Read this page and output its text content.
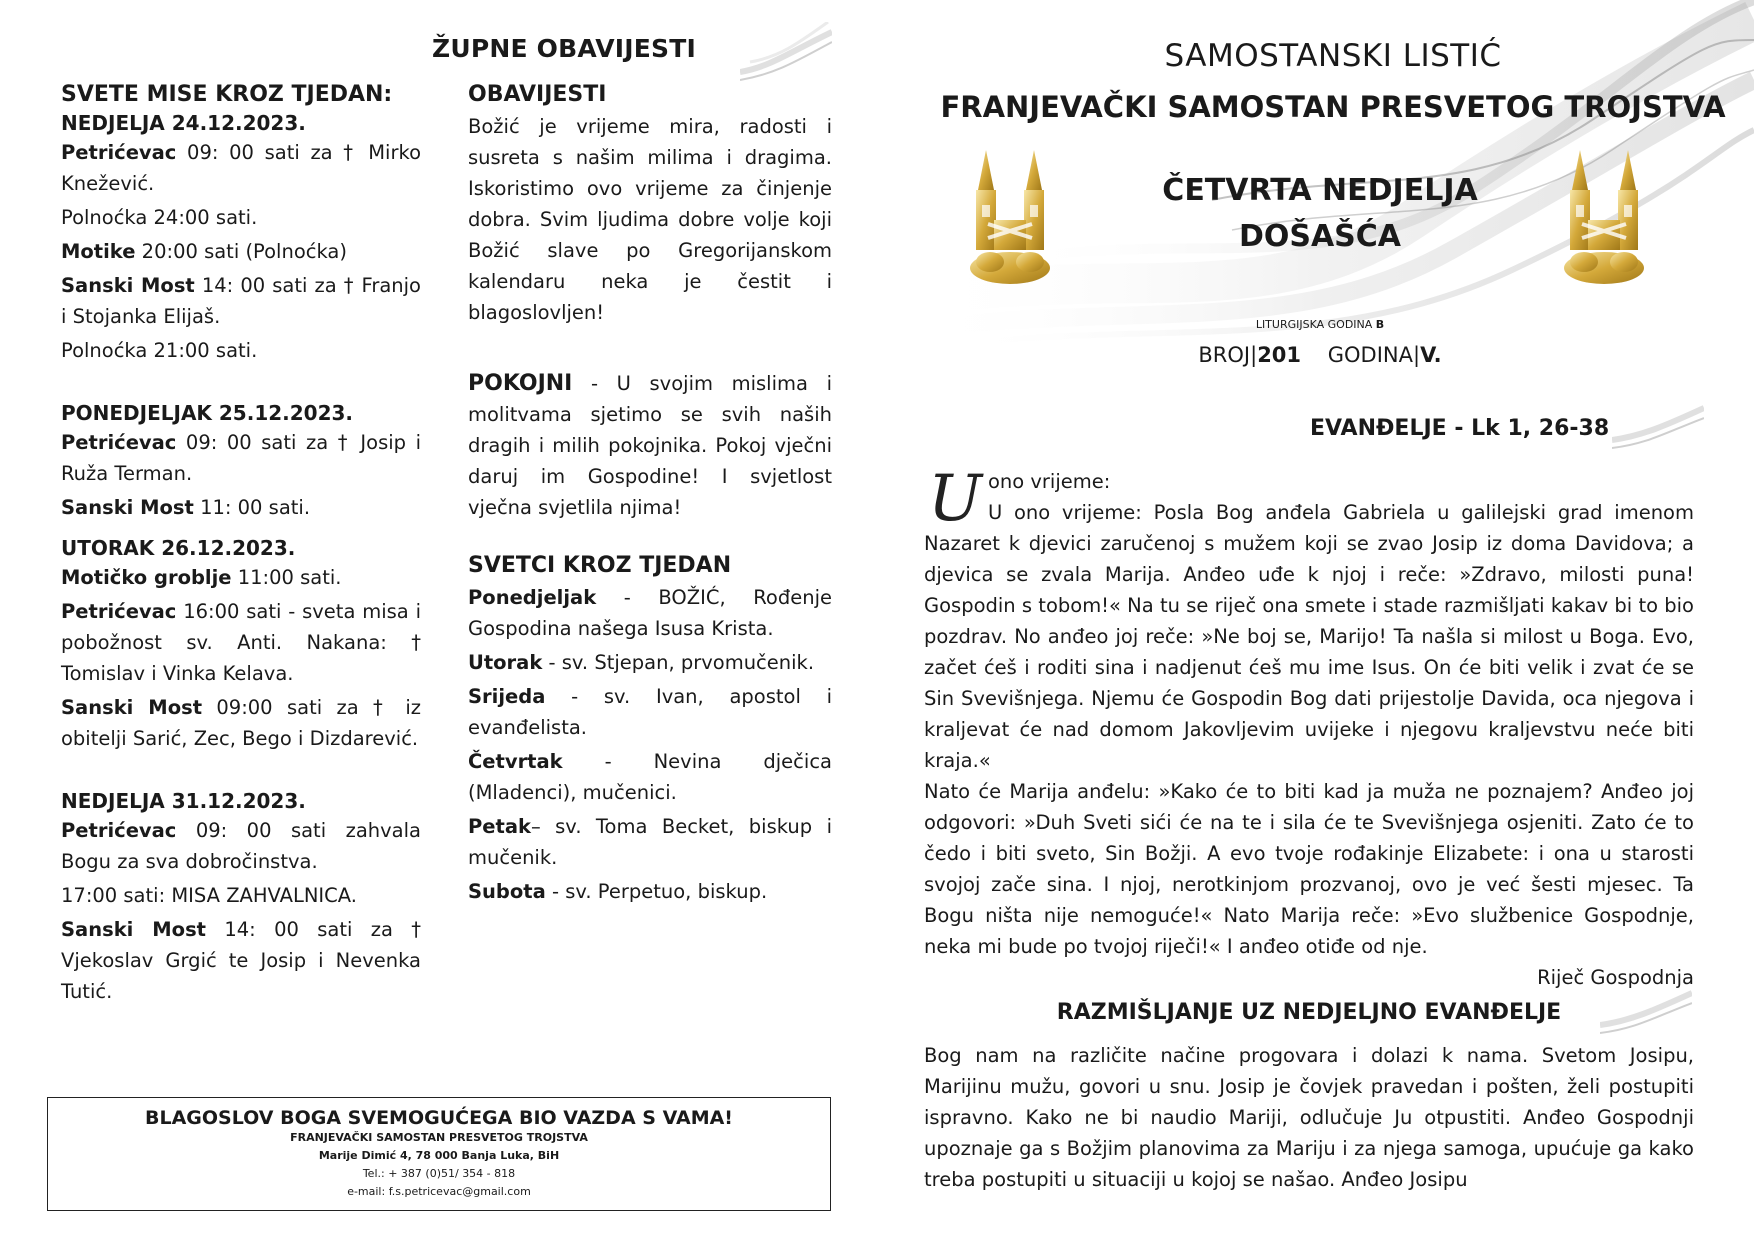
ŽUPNE OBAVIJESTI
SVETE MISE KROZ TJEDAN:
NEDJELJA 24.12.2023.

Petrićevac 09: 00 sati za † Mirko Knežević.

Polnoćka 24:00 sati.

Motike 20:00 sati (Polnoćka)

Sanski Most 14: 00 sati za † Franjo i Stojanka Elijaš.

Polnoćka 21:00 sati.

PONEDJELJAK 25.12.2023.

Petrićevac 09: 00 sati za † Josip i Ruža Terman.

Sanski Most 11: 00 sati.

UTORAK 26.12.2023.

Motičko groblje 11:00 sati.

Petrićevac 16:00 sati - sveta misa i pobožnost sv. Anti. Nakana: † Tomislav i Vinka Kelava.

Sanski Most 09:00 sati za † iz obitelji Sarić, Zec, Bego i Dizdarević.

NEDJELJA 31.12.2023.

Petrićevac 09: 00 sati zahvala Bogu za sva dobročinstva.

17:00 sati: MISA ZAHVALNICA.

Sanski Most 14: 00 sati za † Vjekoslav Grgić te Josip i Nevenka Tutić.

OBAVIJESTI

Božić je vrijeme mira, radosti i susreta s našim milima i dragima. Iskoristimo ovo vrijeme za činjenje dobra. Svim ljudima dobre volje koji Božić slave po Gregorijanskom kalendaru neka je čestit i blagoslovljen!

POKOJNI - U svojim mislima i molitvama sjetimo se svih naših dragih i milih pokojnika. Pokoj vječni daruj im Gospodine! I svjetlost vječna svjetlila njima!

SVETCI KROZ TJEDAN

Ponedjeljak - BOŽIĆ, Rođenje Gospodina našega Isusa Krista.

Utorak - sv. Stjepan, prvomučenik.

Srijeda - sv. Ivan, apostol i evanđelista.

Četvrtak - Nevina dječica (Mladenci), mučenici.

Petak– sv. Toma Becket, biskup i mučenik.

Subota - sv. Perpetuo, biskup.

BLAGOSLOV BOGA SVEMOGUĆEGA BIO VAZDA S VAMA!
FRANJEVAČKI SAMOSTAN PRESVETOG TROJSTVA
Marije Dimić 4, 78 000 Banja Luka, BiH
Tel.: + 387 (0)51/ 354 - 818
e-mail: f.s.petricevac@gmail.com
SAMOSTANSKI LISTIĆ
FRANJEVAČKI SAMOSTAN PRESVETOG TROJSTVA
ČETVRTA NEDJELJA
DOŠAŠĆA
LITURGIJSKA GODINA B
BROJ|201 GODINA|V.
EVANĐELJE - Lk 1, 26-38
U ono vrijeme:

U ono vrijeme: Posla Bog anđela Gabriela u galilejski grad imenom Nazaret k djevici zaručenoj s mužem koji se zvao Josip iz doma Davidova; a djevica se zvala Marija. Anđeo uđe k njoj i reče: »Zdravo, milosti puna! Gospodin s tobom!« Na tu se riječ ona smete i stade razmišljati kakav bi to bio pozdrav. No anđeo joj reče: »Ne boj se, Marijo! Ta našla si milost u Boga. Evo, začet ćeš i roditi sina i nadjenut ćeš mu ime Isus. On će biti velik i zvat će se Sin Svevišnjega. Njemu će Gospodin Bog dati prijestolje Davida, oca njegova i kraljevat će nad domom Jakovljevim uvijeke i njegovu kraljevstvu neće biti kraja.«

Nato će Marija anđelu: »Kako će to biti kad ja muža ne poznajem? Anđeo joj odgovori: »Duh Sveti sići će na te i sila će te Svevišnjega osjeniti. Zato će to čedo i biti sveto, Sin Božji. A evo tvoje rođakinje Elizabete: i ona u starosti svojoj zače sina. I njoj, nerotkinjom prozvanoj, ovo je već šesti mjesec. Ta Bogu ništa nije nemoguće!« Nato Marija reče: »Evo službenice Gospodnje, neka mi bude po tvojoj riječi!« I anđeo otiđe od nje.

Riječ Gospodnja

RAZMIŠLJANJE UZ NEDJELJNO EVANĐELJE

Bog nam na različite načine progovara i dolazi k nama. Svetom Josipu, Marijinu mužu, govori u snu. Josip je čovjek pravedan i pošten, želi postupiti ispravno. Kako ne bi naudio Mariji, odlučuje Ju otpustiti. Anđeo Gospodnji upoznaje ga s Božjim planovima za Mariju i za njega samoga, upućuje ga kako treba postupiti u situaciji u kojoj se našao. Anđeo Josipu
